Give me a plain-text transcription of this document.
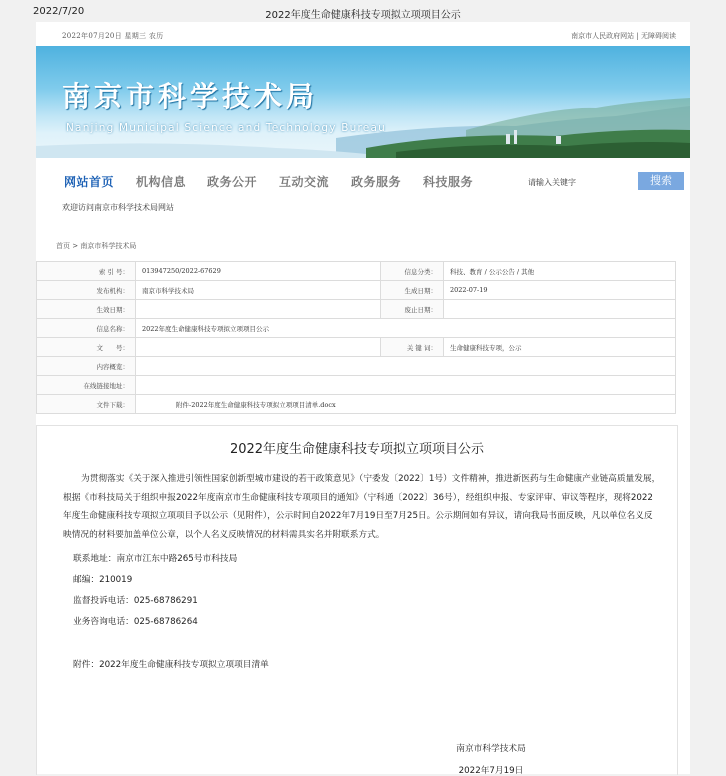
2022/7/20	2022年度生命健康科技专项拟立项项目公示
2022年07月20日 星期三 农历	南京市人民政府网站 | 无障碍阅读
南京市科学技术局
Nanjing Municipal Science and Technology Bureau
网站首页 机构信息 政务公开 互动交流 政务服务 科技服务	请输入关键字	搜索
欢迎访问南京市科学技术局网站
首页 > 南京市科学技术局
索 引 号：	013947250/2022-67629	信息分类：	科技、教育 / 公示公告 / 其他
发布机构：	南京市科学技术局	生成日期：	2022-07-19
生效日期：		废止日期：	
信息名称：	2022年度生命健康科技专项拟立项项目公示		
文　　号：		关 键 词：	生命健康科技专项，公示
内容概览：			
在线链接地址：			
文件下载：	附件-2022年度生命健康科技专项拟立项项目清单.docx		
2022年度生命健康科技专项拟立项项目公示

为贯彻落实《关于深入推进引领性国家创新型城市建设的若干政策意见》（宁委发〔2022〕1号）文件精神，推进新医药与生命健康产业链高质量发展，根据《市科技局关于组织申报2022年度南京市生命健康科技专项项目的通知》（宁科通〔2022〕36号），经组织申报、专家评审、审议等程序，现将2022年度生命健康科技专项拟立项项目予以公示（见附件），公示时间自2022年7月19日至7月25日。公示期间如有异议，请向我局书面反映，凡以单位名义反映情况的材料要加盖单位公章，以个人名义反映情况的材料需具实名并附联系方式。

联系地址：南京市江东中路265号市科技局
邮编：210019
监督投诉电话：025-68786291
业务咨询电话：025-68786264
附件：2022年度生命健康科技专项拟立项项目清单
南京市科学技术局
2022年7月19日
